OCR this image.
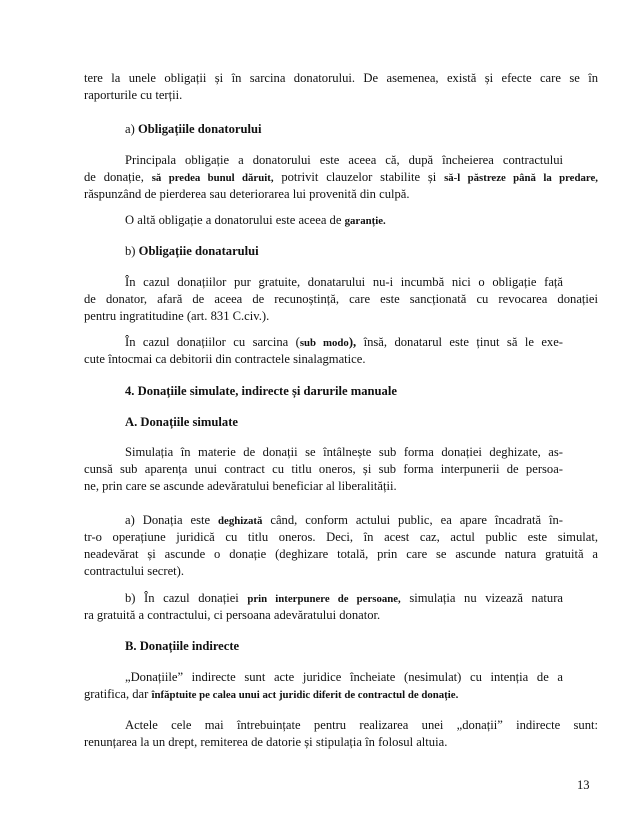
tere la unele obligații și în sarcina donatorului. De asemenea, există și efecte care se în
raporturile cu terții.
a) Obligațiile donatorului
Principala obligație a donatorului este aceea că, după încheierea contractului
de donație, să predea bunul dăruit, potrivit clauzelor stabilite și să-l păstreze până la predare,
răspunzând de pierderea sau deteriorarea lui provenită din culpă.
O altă obligație a donatorului este aceea de garanție.
b) Obligațiie donatarului
În cazul donațiilor pur gratuite, donatarului nu-i incumbă nici o obligație față
de donator, afară de aceea de recunoștință, care este sancționată cu revocarea donației
pentru ingratitudine (art. 831 C.civ.).
În cazul donațiilor cu sarcina (sub modo), însă, donatarul este ținut să le exe-
cute întocmai ca debitorii din contractele sinalagmatice.
4. Donațiile simulate, indirecte și darurile manuale
A. Donațiile simulate
Simulația în materie de donații se întâlnește sub forma donației deghizate, as-
cunsă sub aparența unui contract cu titlu oneros, și sub forma interpunerii de persoa-
ne, prin care se ascunde adevăratului beneficiar al liberalității.
a) Donația este deghizată când, conform actului public, ea apare încadrată în-
tr-o operațiune juridică cu titlu oneros. Deci, în acest caz, actul public este simulat,
neadevărat și ascunde o donație (deghizare totală, prin care se ascunde natura gratuită a
contractului secret).
b) În cazul donației prin interpunere de persoane, simulația nu vizează natura
ra gratuită a contractului, ci persoana adevăratului donator.
B. Donațiile indirecte
„Donațiile” indirecte sunt acte juridice încheiate (nesimulat) cu intenția de a
gratifica, dar înfăptuite pe calea unui act juridic diferit de contractul de donație.
Actele cele mai întrebuințate pentru realizarea unei „donații” indirecte sunt:
renunțarea la un drept, remiterea de datorie și stipulația în folosul altuia.
13
